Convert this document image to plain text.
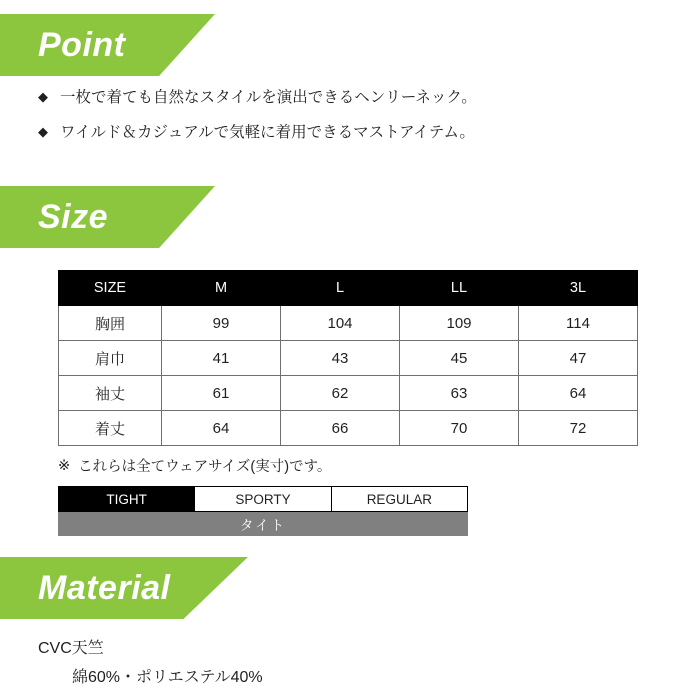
Point
◆ 一枚で着ても自然なスタイルを演出できるヘンリーネック。
◆ ワイルド＆カジュアルで気軽に着用できるマストアイテム。
Size
SIZE	M	L	LL	3L
胸囲	99	104	109	114
肩巾	41	43	45	47
袖丈	61	62	63	64
着丈	64	66	70	72
※ これらは全てウェアサイズ(実寸)です。
TIGHT	SPORTY	REGULAR
タイト
Material
CVC天竺
綿60%・ポリエステル40%
